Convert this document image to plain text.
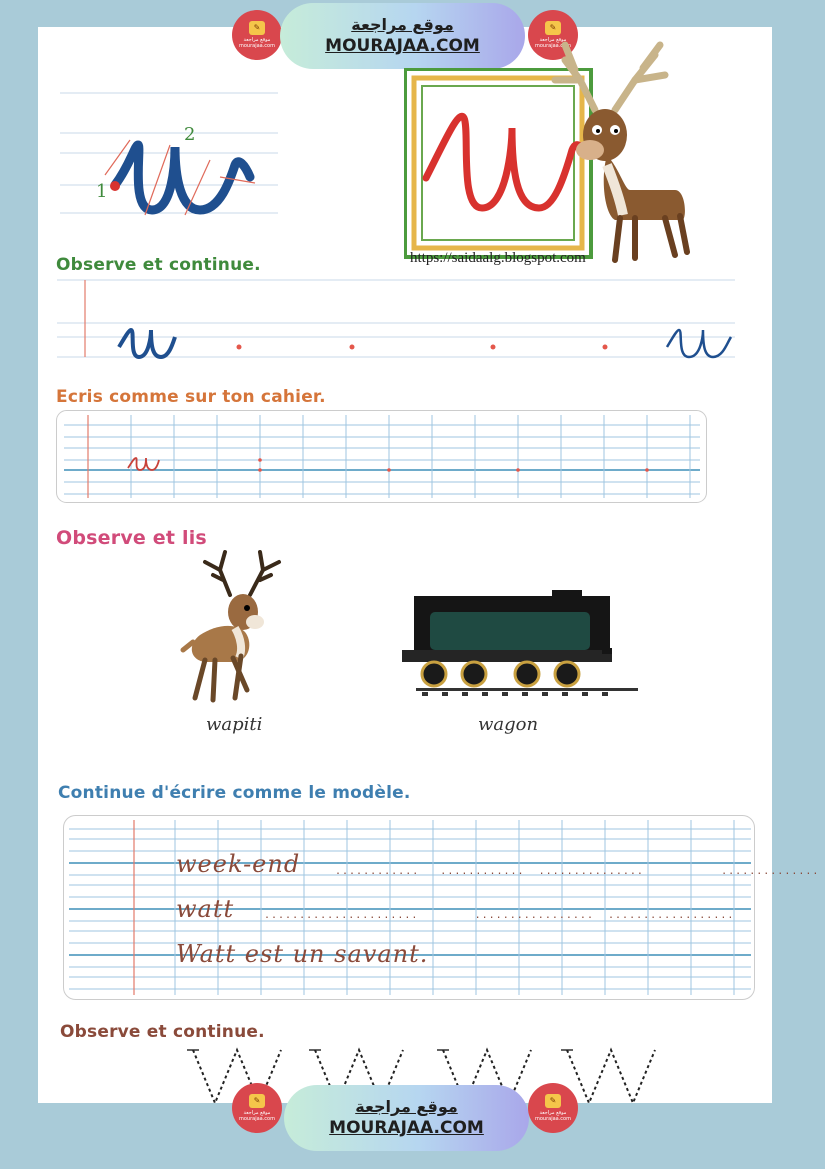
✎
موقع مراجعة mourajaa.com
موقع مراجعة
MOURAJAA.COM
✎
موقع مراجعة mourajaa.com
1
2
https://saidaalg.blogspot.com
Observe et continue.
Ecris comme sur ton cahier.
Observe et lis
wapiti	wagon
Continue d'écrire comme le modèle.
week-end	............   ............  ...............           ..............
watt	......................        .................  ..................
Watt est un savant.
Observe et continue.
✎
موقع مراجعة mourajaa.com
موقع مراجعة
MOURAJAA.COM
✎
موقع مراجعة mourajaa.com
